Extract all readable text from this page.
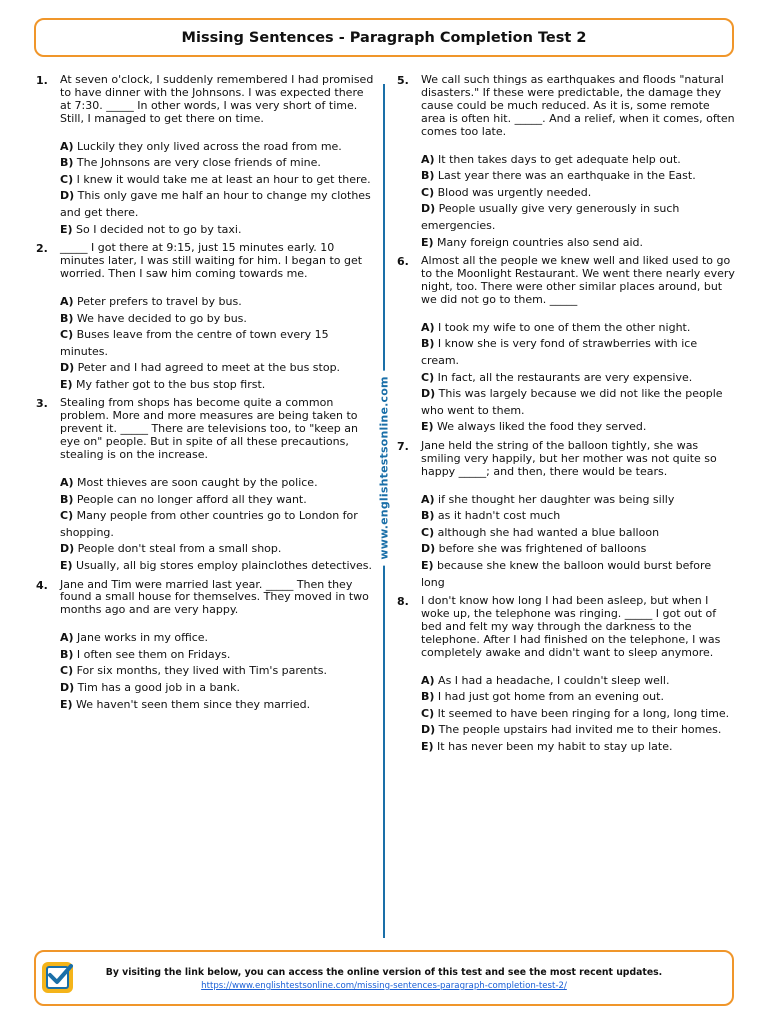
Missing Sentences - Paragraph Completion Test 2
www.englishtestsonline.com
1.	At seven o'clock, I suddenly remembered I had promised to have dinner with the Johnsons. I was expected there at 7:30. _____ In other words, I was very short of time. Still, I managed to get there on time.
A) Luckily they only lived across the road from me.
B) The Johnsons are very close friends of mine.
C) I knew it would take me at least an hour to get there.
D) This only gave me half an hour to change my clothes and get there.
E) So I decided not to go by taxi.
2.	_____ I got there at 9:15, just 15 minutes early. 10 minutes later, I was still waiting for him. I began to get worried. Then I saw him coming towards me.
A) Peter prefers to travel by bus.
B) We have decided to go by bus.
C) Buses leave from the centre of town every 15 minutes.
D) Peter and I had agreed to meet at the bus stop.
E) My father got to the bus stop first.
3.	Stealing from shops has become quite a common problem. More and more measures are being taken to prevent it. _____ There are televisions too, to "keep an eye on" people. But in spite of all these precautions, stealing is on the increase.
A) Most thieves are soon caught by the police.
B) People can no longer afford all they want.
C) Many people from other countries go to London for shopping.
D) People don't steal from a small shop.
E) Usually, all big stores employ plainclothes detectives.
4.	Jane and Tim were married last year. _____ Then they found a small house for themselves. They moved in two months ago and are very happy.
A) Jane works in my office.
B) I often see them on Fridays.
C) For six months, they lived with Tim's parents.
D) Tim has a good job in a bank.
E) We haven't seen them since they married.
5.	We call such things as earthquakes and floods "natural disasters." If these were predictable, the damage they cause could be much reduced. As it is, some remote area is often hit. _____. And a relief, when it comes, often comes too late.
A) It then takes days to get adequate help out.
B) Last year there was an earthquake in the East.
C) Blood was urgently needed.
D) People usually give very generously in such emergencies.
E) Many foreign countries also send aid.
6.	Almost all the people we knew well and liked used to go to the Moonlight Restaurant. We went there nearly every night, too. There were other similar places around, but we did not go to them. _____
A) I took my wife to one of them the other night.
B) I know she is very fond of strawberries with ice cream.
C) In fact, all the restaurants are very expensive.
D) This was largely because we did not like the people who went to them.
E) We always liked the food they served.
7.	Jane held the string of the balloon tightly, she was smiling very happily, but her mother was not quite so happy _____; and then, there would be tears.
A) if she thought her daughter was being silly
B) as it hadn't cost much
C) although she had wanted a blue balloon
D) before she was frightened of balloons
E) because she knew the balloon would burst before long
8.	I don't know how long I had been asleep, but when I woke up, the telephone was ringing. _____ I got out of bed and felt my way through the darkness to the telephone. After I had finished on the telephone, I was completely awake and didn't want to sleep anymore.
A) As I had a headache, I couldn't sleep well.
B) I had just got home from an evening out.
C) It seemed to have been ringing for a long, long time.
D) The people upstairs had invited me to their homes.
E) It has never been my habit to stay up late.
By visiting the link below, you can access the online version of this test and see the most recent updates.
https://www.englishtestsonline.com/missing-sentences-paragraph-completion-test-2/
